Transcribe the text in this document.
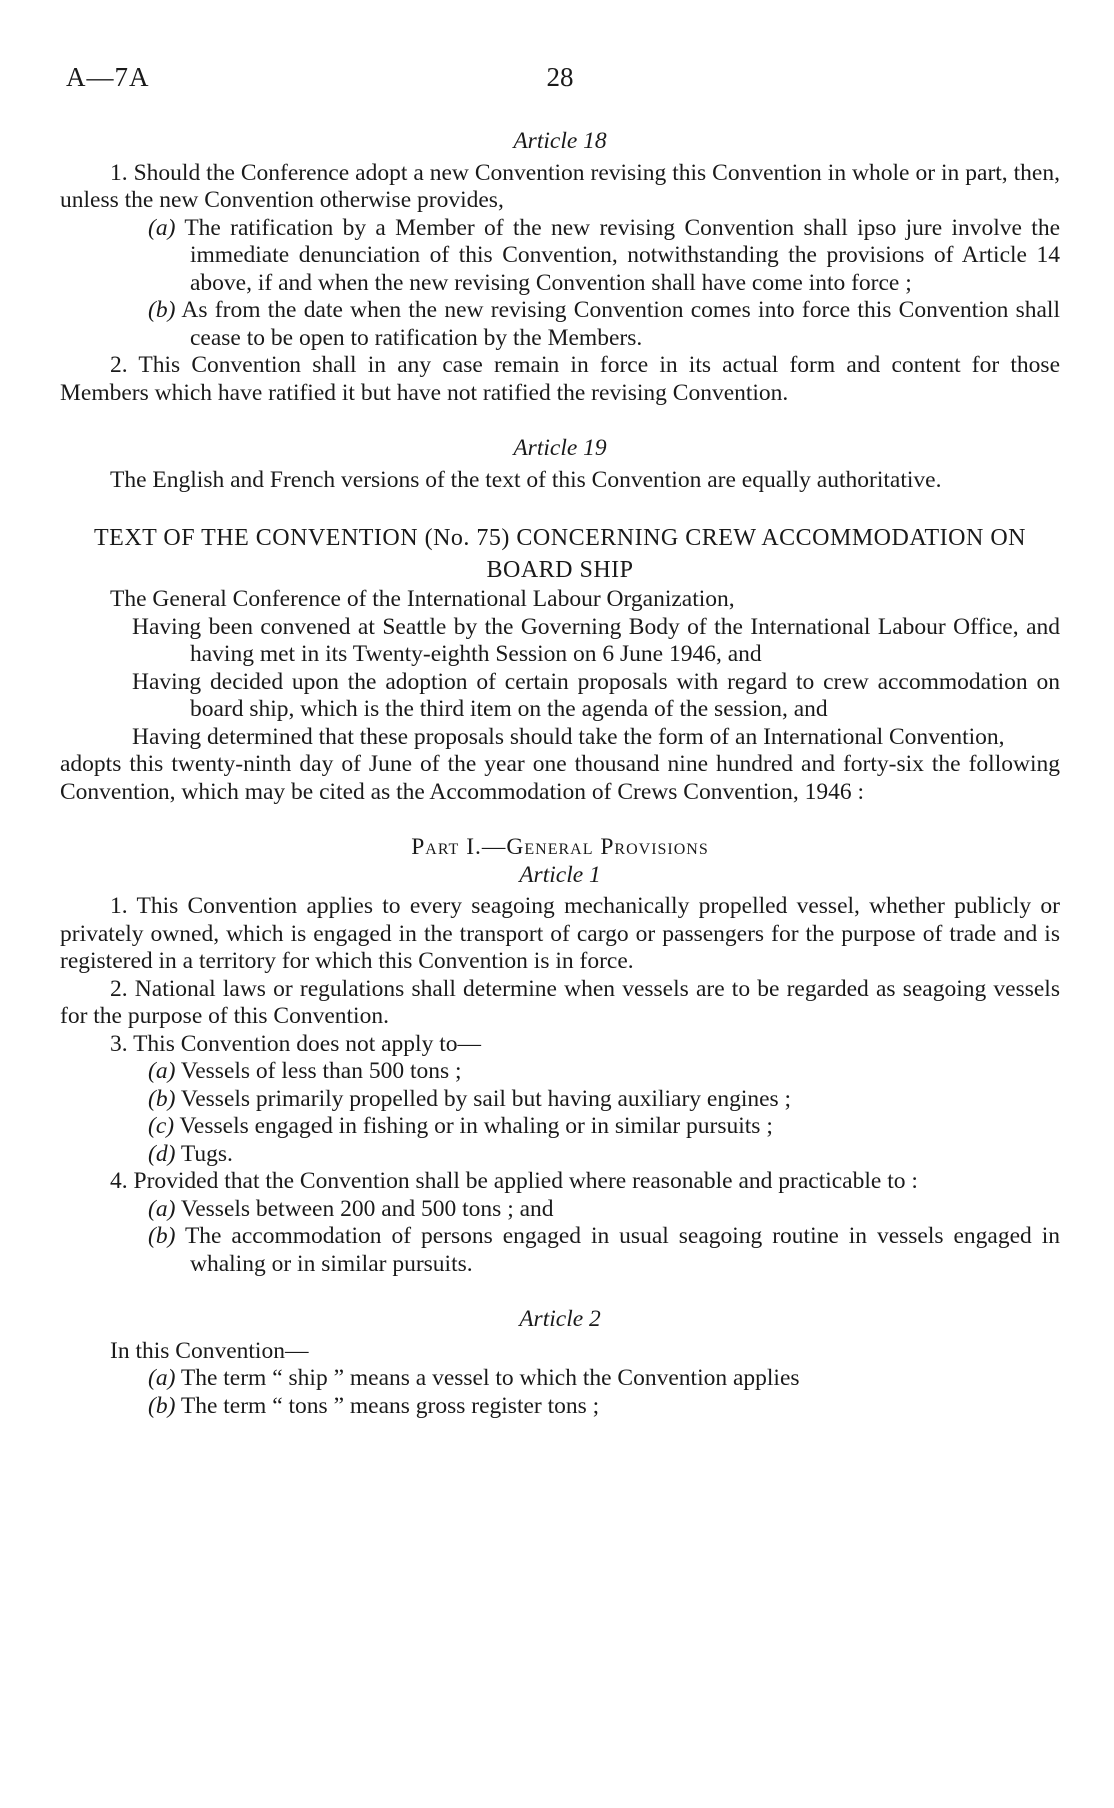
A—7A	28
Article 18

1. Should the Conference adopt a new Convention revising this Convention in whole or in part, then, unless the new Convention otherwise provides,

(a) The ratification by a Member of the new revising Convention shall ipso jure involve the immediate denunciation of this Convention, notwithstanding the provisions of Article 14 above, if and when the new revising Convention shall have come into force ;

(b) As from the date when the new revising Convention comes into force this Convention shall cease to be open to ratification by the Members.

2. This Convention shall in any case remain in force in its actual form and content for those Members which have ratified it but have not ratified the revising Convention.

Article 19

The English and French versions of the text of this Convention are equally authoritative.

TEXT OF THE CONVENTION (No. 75) CONCERNING CREW ACCOMMODATION ON BOARD SHIP

The General Conference of the International Labour Organization,

Having been convened at Seattle by the Governing Body of the International Labour Office, and having met in its Twenty-eighth Session on 6 June 1946, and

Having decided upon the adoption of certain proposals with regard to crew accommodation on board ship, which is the third item on the agenda of the session, and

Having determined that these proposals should take the form of an International Convention,

adopts this twenty-ninth day of June of the year one thousand nine hundred and forty-six the following Convention, which may be cited as the Accommodation of Crews Convention, 1946 :

Part I.—General Provisions
Article 1

1. This Convention applies to every seagoing mechanically propelled vessel, whether publicly or privately owned, which is engaged in the transport of cargo or passengers for the purpose of trade and is registered in a territory for which this Convention is in force.

2. National laws or regulations shall determine when vessels are to be regarded as seagoing vessels for the purpose of this Convention.

3. This Convention does not apply to—

(a) Vessels of less than 500 tons ;

(b) Vessels primarily propelled by sail but having auxiliary engines ;

(c) Vessels engaged in fishing or in whaling or in similar pursuits ;

(d) Tugs.

4. Provided that the Convention shall be applied where reasonable and practicable to :

(a) Vessels between 200 and 500 tons ; and

(b) The accommodation of persons engaged in usual seagoing routine in vessels engaged in whaling or in similar pursuits.

Article 2

In this Convention—

(a) The term “ ship ” means a vessel to which the Convention applies

(b) The term “ tons ” means gross register tons ;
